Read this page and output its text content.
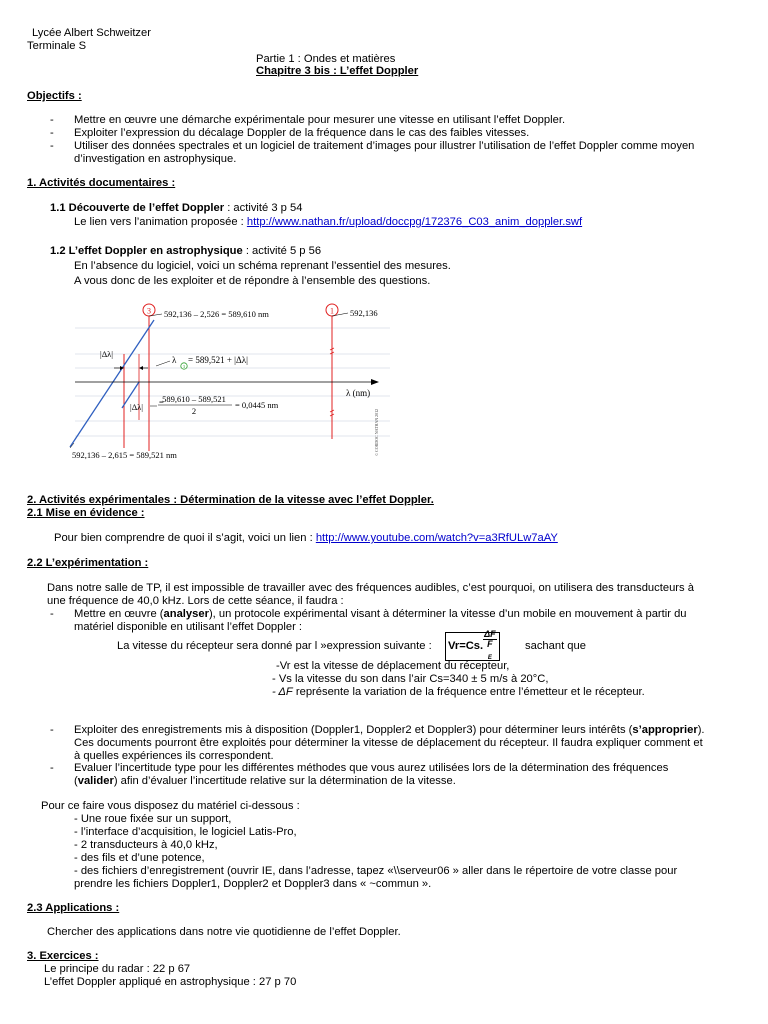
Lycée Albert Schweitzer
Terminale S
Partie 1 : Ondes et matières
Chapitre 3 bis : L’effet Doppler
Objectifs :
- Mettre en œuvre une démarche expérimentale pour mesurer une vitesse en utilisant l’effet Doppler.
- Exploiter l’expression du décalage Doppler de la fréquence dans le cas des faibles vitesses.
- Utiliser des données spectrales et un logiciel de traitement d’images pour illustrer l’utilisation de l’effet Doppler comme moyen
d’investigation en astrophysique.
1. Activités documentaires :
1.1 Découverte de l’effet Doppler : activité 3 p 54
Le lien vers l’animation proposée : http://www.nathan.fr/upload/doccpg/172376_C03_anim_doppler.swf
1.2 L’effet Doppler en astrophysique : activité 5 p 56
En l’absence du logiciel, voici un schéma reprenant l’essentiel des mesures.
A vous donc de les exploiter et de répondre à l’ensemble des questions.
3	1
592,136 – 2,526 = 589,610 nm	592,136
λ (nm)
|Δλ|
λ
3
= 589,521 + |Δλ|
|Δλ|
589,610 – 589,521
2
= 0,0445 nm
=
592,136 – 2,615 = 589,521 nm	© CORDOC NATHAN 2012
2. Activités expérimentales : Détermination de la vitesse avec l’effet Doppler.
2.1 Mise en évidence :
Pour bien comprendre de quoi il s’agit, voici un lien : http://www.youtube.com/watch?v=a3RfULw7aAY
2.2 L’expérimentation :
Dans notre salle de TP, il est impossible de travailler avec des fréquences audibles, c’est pourquoi, on utilisera des transducteurs à
une fréquence de 40,0 kHz. Lors de cette séance, il faudra :
- Mettre en œuvre (analyser), un protocole expérimental visant à déterminer la vitesse d’un mobile en mouvement à partir du
matériel disponible en utilisant l’effet Doppler :
La vitesse du récepteur sera donné par l »expression suivante : Vr=Cs. ΔF
F
$_E$	sachant que
-Vr est la vitesse de déplacement du récepteur,
- Vs la vitesse du son dans l’air Cs=340 ± 5 m/s à 20°C,
- ΔF représente la variation de la fréquence entre l’émetteur et le récepteur.
- Exploiter des enregistrements mis à disposition (Doppler1, Doppler2 et Doppler3) pour déterminer leurs intérêts (s’approprier).
Ces documents pourront être exploités pour déterminer la vitesse de déplacement du récepteur. Il faudra expliquer comment et
à quelles expériences ils correspondent.
- Evaluer l’incertitude type pour les différentes méthodes que vous aurez utilisées lors de la détermination des fréquences
(valider) afin d’évaluer l’incertitude relative sur la détermination de la vitesse.
Pour ce faire vous disposez du matériel ci-dessous :
- Une roue fixée sur un support,
- l’interface d’acquisition, le logiciel Latis-Pro,
- 2 transducteurs à 40,0 kHz,
- des fils et d’une potence,
- des fichiers d’enregistrement (ouvrir IE, dans l’adresse, tapez «\\serveur06 » aller dans le répertoire de votre classe pour
prendre les fichiers Doppler1, Doppler2 et Doppler3 dans « ~commun ».
2.3 Applications :
Chercher des applications dans notre vie quotidienne de l’effet Doppler.
3. Exercices :
Le principe du radar : 22 p 67
L’effet Doppler appliqué en astrophysique : 27 p 70
